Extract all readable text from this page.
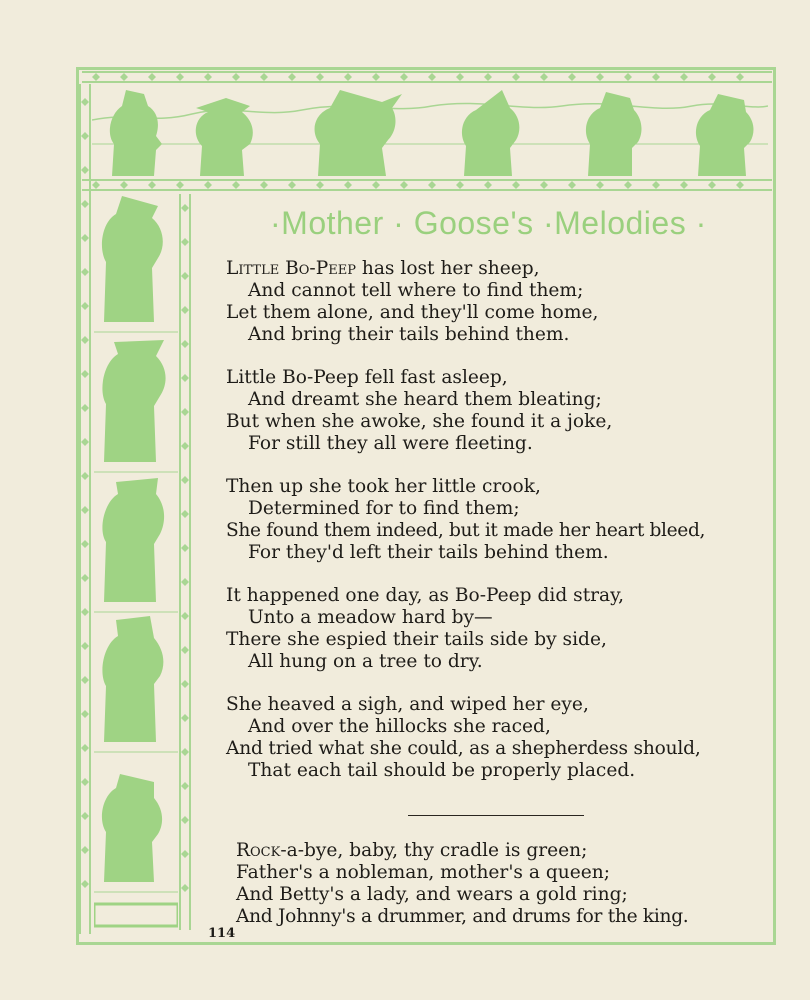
·Mother · Goose's ·Melodies ·
Little Bo-Peep has lost her sheep,
And cannot tell where to find them;
Let them alone, and they'll come home,
And bring their tails behind them.
Little Bo-Peep fell fast asleep,
And dreamt she heard them bleating;
But when she awoke, she found it a joke,
For still they all were fleeting.
Then up she took her little crook,
Determined for to find them;
She found them indeed, but it made her heart bleed,
For they'd left their tails behind them.
It happened one day, as Bo-Peep did stray,
Unto a meadow hard by—
There she espied their tails side by side,
All hung on a tree to dry.
She heaved a sigh, and wiped her eye,
And over the hillocks she raced,
And tried what she could, as a shepherdess should,
That each tail should be properly placed.
Rock-a-bye, baby, thy cradle is green;
Father's a nobleman, mother's a queen;
And Betty's a lady, and wears a gold ring;
And Johnny's a drummer, and drums for the king.
114
